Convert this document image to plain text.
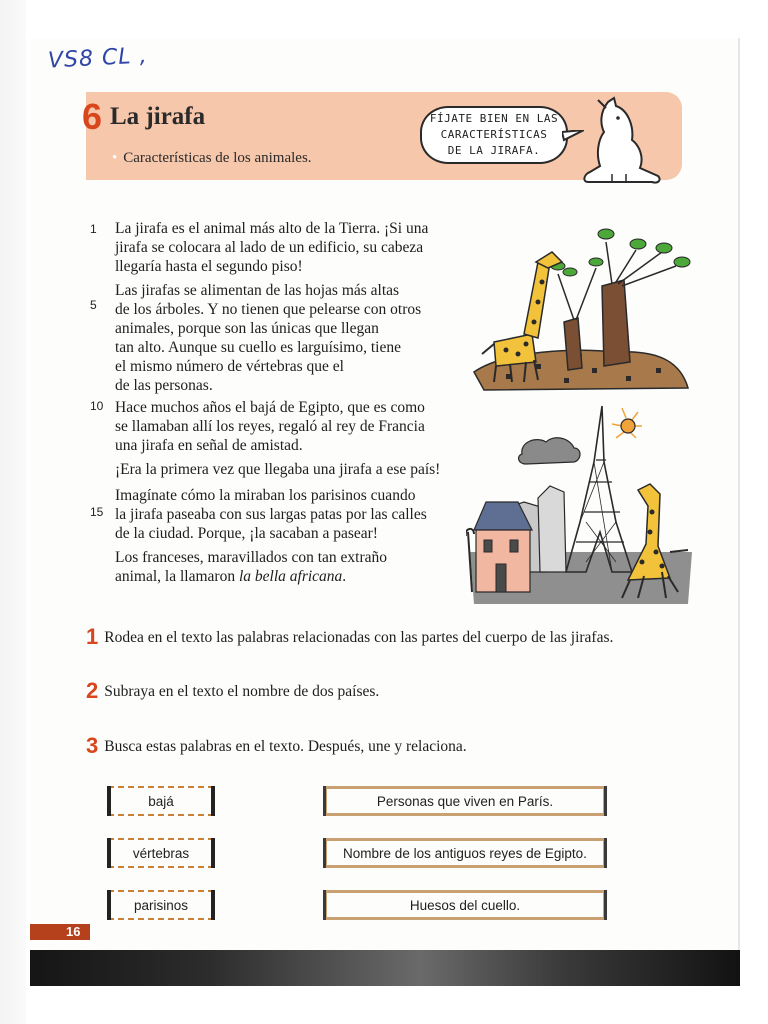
VS8 CL ,
6 La jirafa
• Características de los animales.
FÍJATE BIEN EN LAS
CARACTERÍSTICAS
DE LA JIRAFA.
1
5
10
15
La jirafa es el animal más alto de la Tierra. ¡Si una
jirafa se colocara al lado de un edificio, su cabeza
llegaría hasta el segundo piso!
Las jirafas se alimentan de las hojas más altas
de los árboles. Y no tienen que pelearse con otros
animales, porque son las únicas que llegan
tan alto. Aunque su cuello es larguísimo, tiene
el mismo número de vértebras que el
de las personas.
Hace muchos años el bajá de Egipto, que es como
se llamaban allí los reyes, regaló al rey de Francia
una jirafa en señal de amistad.
¡Era la primera vez que llegaba una jirafa a ese país!
Imagínate cómo la miraban los parisinos cuando
la jirafa paseaba con sus largas patas por las calles
de la ciudad. Porque, ¡la sacaban a pasear!
Los franceses, maravillados con tan extraño
animal, la llamaron la bella africana.
1 Rodea en el texto las palabras relacionadas con las partes del cuerpo de las jirafas.
2 Subraya en el texto el nombre de dos países.
3 Busca estas palabras en el texto. Después, une y relaciona.
bajá
vértebras
parisinos
Personas que viven en París.
Nombre de los antiguos reyes de Egipto.
Huesos del cuello.
16
